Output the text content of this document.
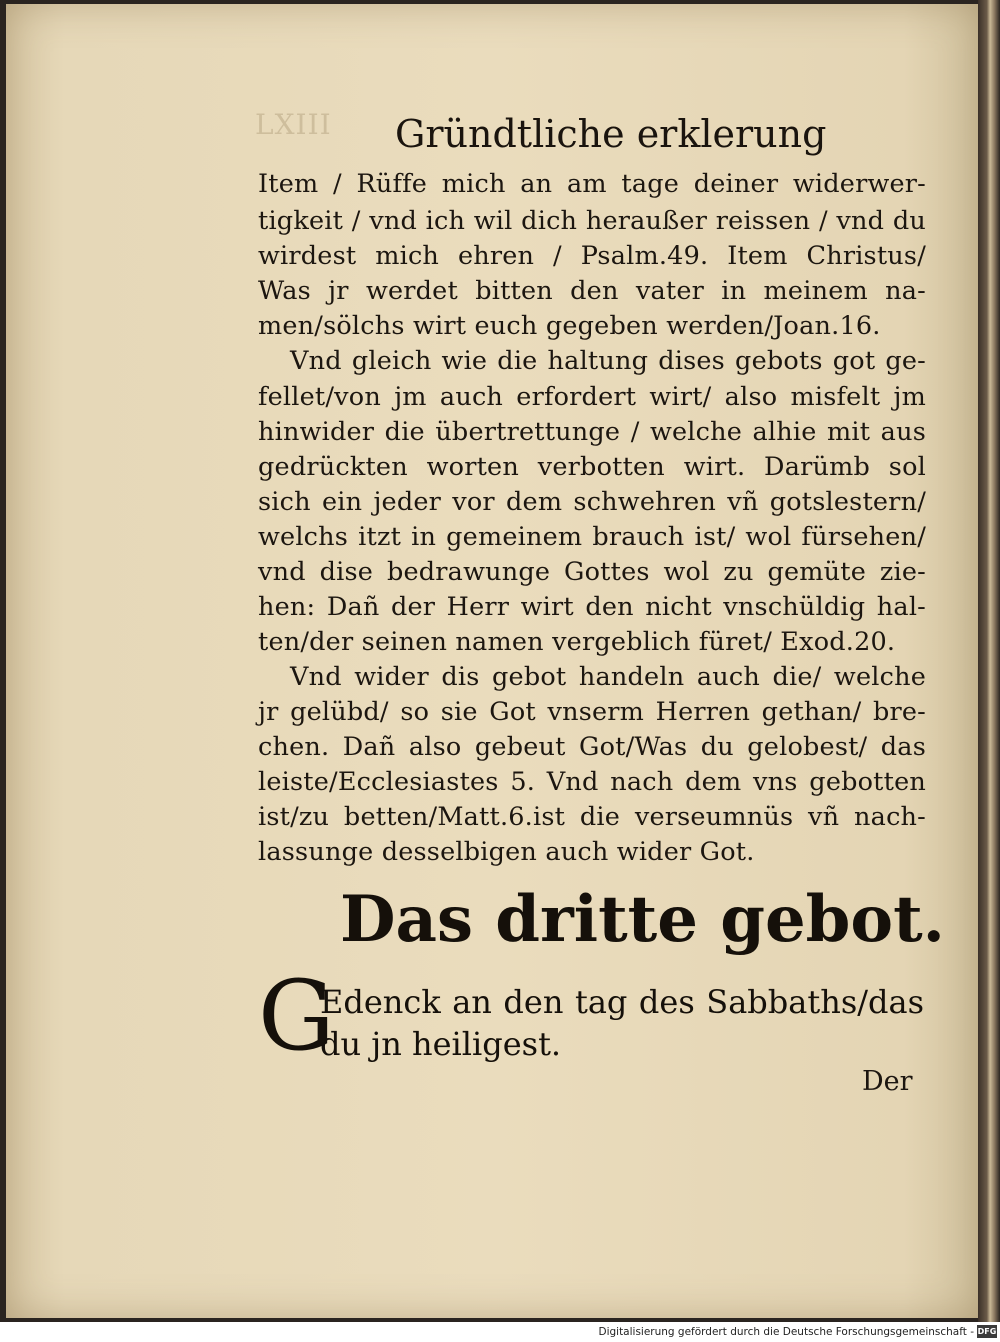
LXIII Gründtliche erklerung
Item / Rüffe mich an am tage deiner widerwer-
tigkeit / vnd ich wil dich heraußer reissen / vnd du
wirdest mich ehren / Psalm.49. Item Christus/
Was jr werdet bitten den vater in meinem na-
men/sölchs wirt euch gegeben werden/Joan.16.
Vnd gleich wie die haltung dises gebots got ge-
fellet/von jm auch erfordert wirt/ also misfelt jm
hinwider die übertrettunge / welche alhie mit aus
gedrückten worten verbotten wirt. Darümb sol
sich ein jeder vor dem schwehren vñ gotslestern/
welchs itzt in gemeinem brauch ist/ wol fürsehen/
vnd dise bedrawunge Gottes wol zu gemüte zie-
hen: Dañ der Herr wirt den nicht vnschüldig hal-
ten/der seinen namen vergeblich füret/ Exod.20.
Vnd wider dis gebot handeln auch die/ welche
jr gelübd/ so sie Got vnserm Herren gethan/ bre-
chen. Dañ also gebeut Got/Was du gelobest/ das
leiste/Ecclesiastes 5. Vnd nach dem vns gebotten
ist/zu betten/Matt.6.ist die verseumnüs vñ nach-
lassunge desselbigen auch wider Got.
Das dritte gebot.
G
Edenck an den tag des Sabbaths/das
du jn heiligest.
Der
Digitalisierung gefördert durch die Deutsche Forschungsgemeinschaft - DFG
